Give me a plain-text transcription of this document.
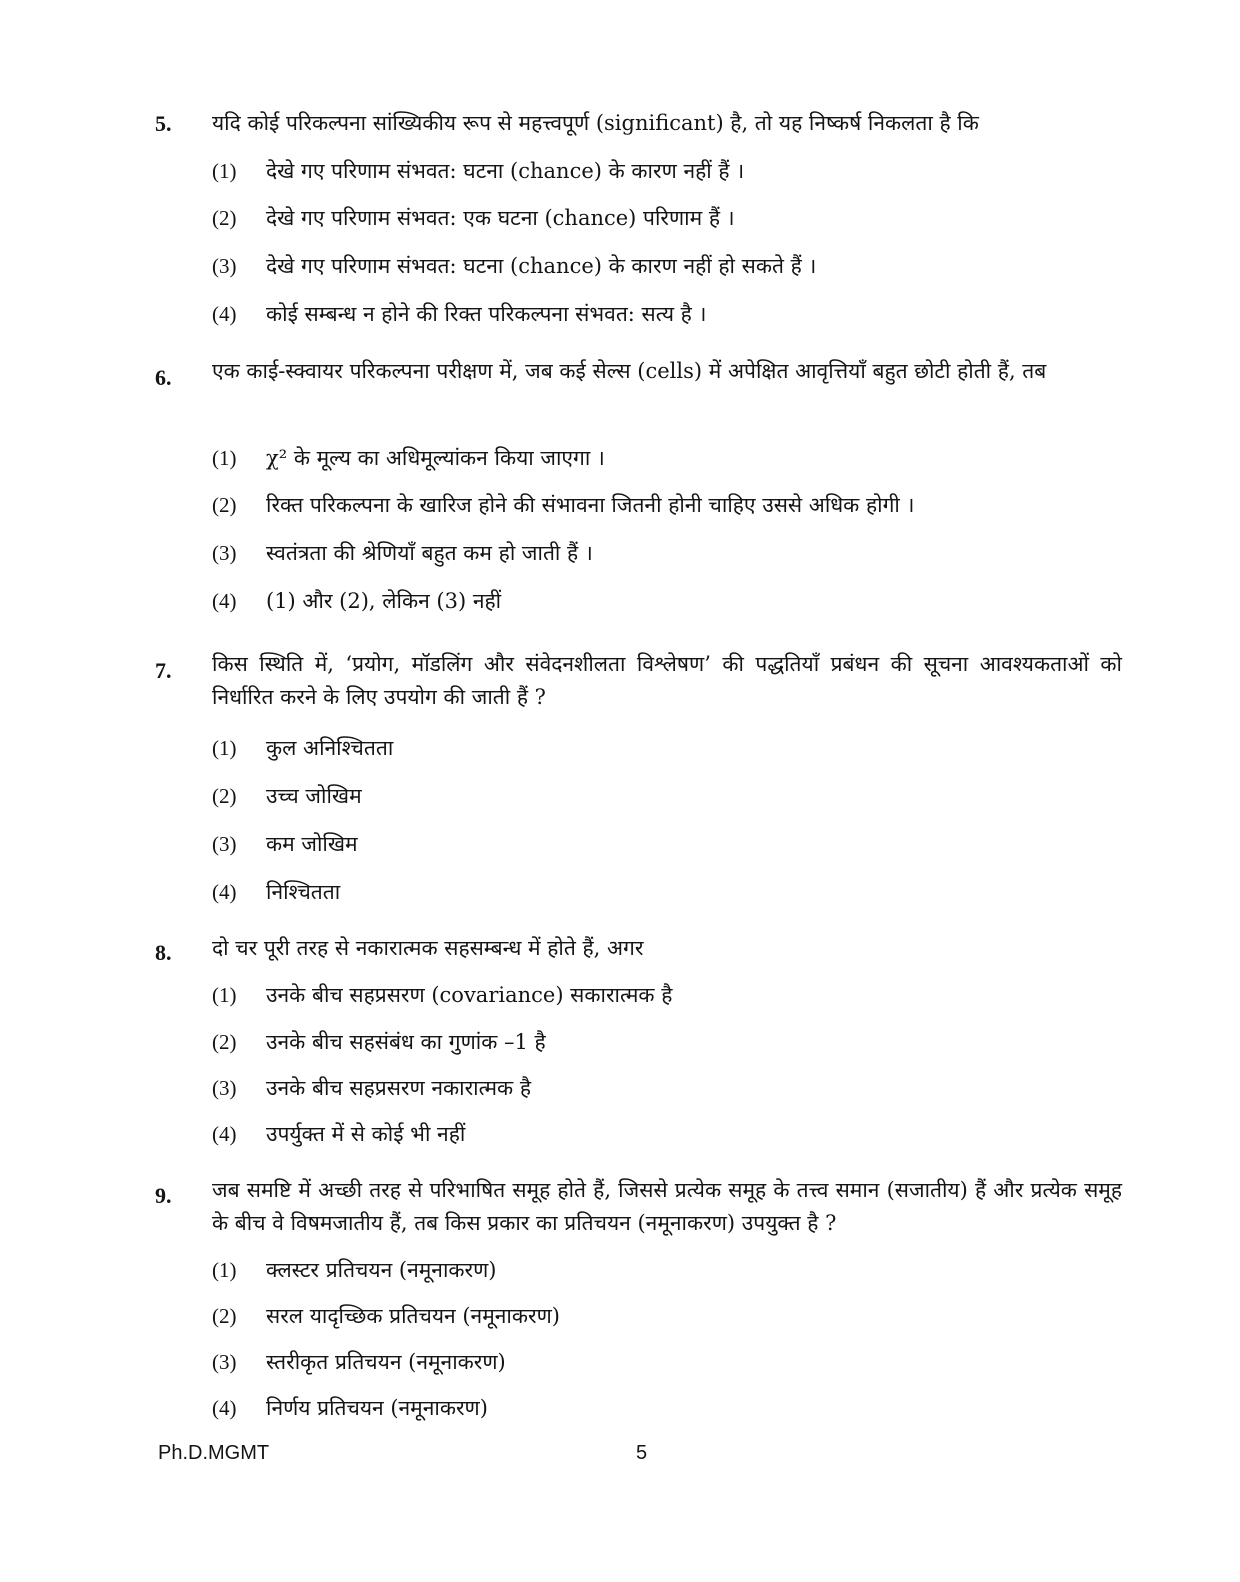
5. यदि कोई परिकल्पना सांख्यिकीय रूप से महत्त्वपूर्ण (significant) है, तो यह निष्कर्ष निकलता है कि
(1) देखे गए परिणाम संभवत: घटना (chance) के कारण नहीं हैं ।
(2) देखे गए परिणाम संभवत: एक घटना (chance) परिणाम हैं ।
(3) देखे गए परिणाम संभवत: घटना (chance) के कारण नहीं हो सकते हैं ।
(4) कोई सम्बन्ध न होने की रिक्त परिकल्पना संभवत: सत्य है ।
6. एक काई-स्क्वायर परिकल्पना परीक्षण में, जब कई सेल्स (cells) में अपेक्षित आवृत्तियाँ बहुत छोटी होती हैं, तब
(1) χ² के मूल्य का अधिमूल्यांकन किया जाएगा ।
(2) रिक्त परिकल्पना के खारिज होने की संभावना जितनी होनी चाहिए उससे अधिक होगी ।
(3) स्वतंत्रता की श्रेणियाँ बहुत कम हो जाती हैं ।
(4) (1) और (2), लेकिन (3) नहीं
7. किस स्थिति में, ‘प्रयोग, मॉडलिंग और संवेदनशीलता विश्लेषण’ की पद्धतियाँ प्रबंधन की सूचना आवश्यकताओं को निर्धारित करने के लिए उपयोग की जाती हैं ?
(1) कुल अनिश्चितता
(2) उच्च जोखिम
(3) कम जोखिम
(4) निश्चितता
8. दो चर पूरी तरह से नकारात्मक सहसम्बन्ध में होते हैं, अगर
(1) उनके बीच सहप्रसरण (covariance) सकारात्मक है
(2) उनके बीच सहसंबंध का गुणांक –1 है
(3) उनके बीच सहप्रसरण नकारात्मक है
(4) उपर्युक्त में से कोई भी नहीं
9. जब समष्टि में अच्छी तरह से परिभाषित समूह होते हैं, जिससे प्रत्येक समूह के तत्त्व समान (सजातीय) हैं और प्रत्येक समूह के बीच वे विषमजातीय हैं, तब किस प्रकार का प्रतिचयन (नमूनाकरण) उपयुक्त है ?
(1) क्लस्टर प्रतिचयन (नमूनाकरण)
(2) सरल यादृच्छिक प्रतिचयन (नमूनाकरण)
(3) स्तरीकृत प्रतिचयन (नमूनाकरण)
(4) निर्णय प्रतिचयन (नमूनाकरण)
Ph.D.MGMT	5
